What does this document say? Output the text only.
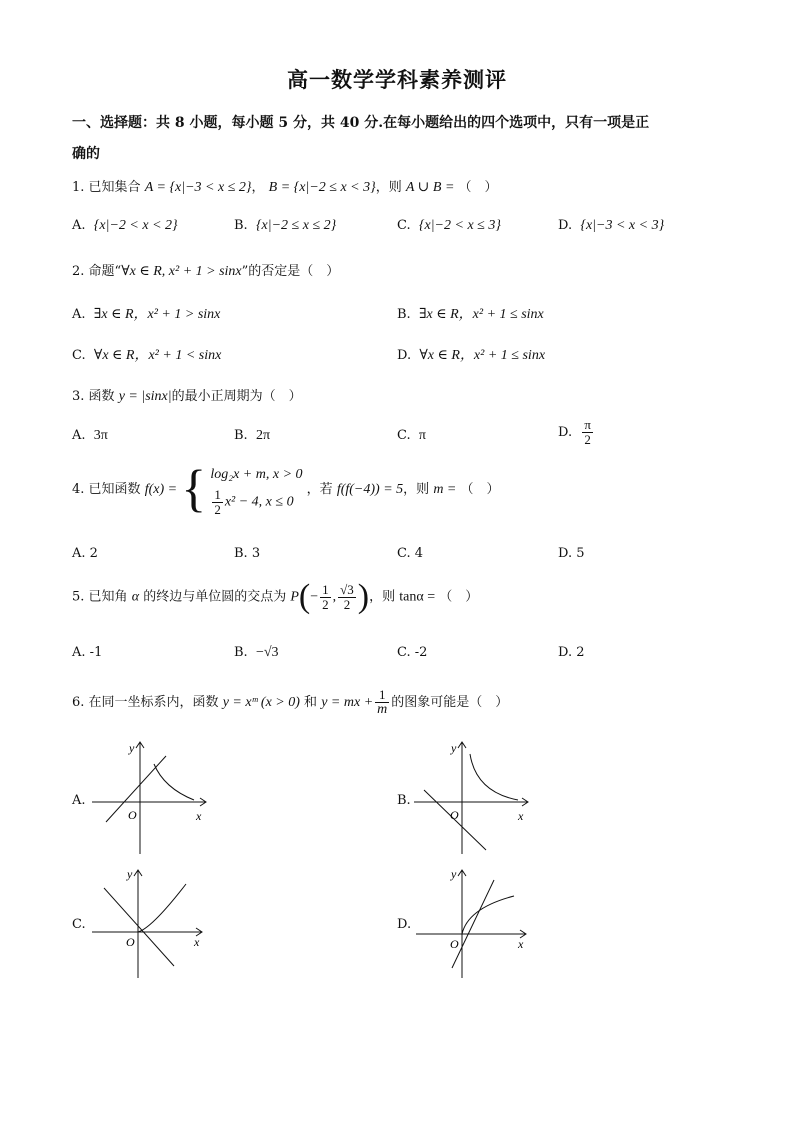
高一数学学科素养测评
一、选择题：共 8 小题，每小题 5 分，共 40 分.在每小题给出的四个选项中，只有一项是正
确的
1. 已知集合 A = {x|−3 < x ≤ 2}， B = {x|−2 ≤ x < 3}，则 A ∪ B = （　）
A. {x|−2 < x < 2}	B. {x|−2 ≤ x ≤ 2}	C. {x|−2 < x ≤ 3}	D. {x|−3 < x < 3}
2. 命题“∀x ∈ R, x² + 1 > sinx”的否定是（　）
A. ∃x ∈ R，x² + 1 > sinx	B. ∃x ∈ R，x² + 1 ≤ sinx
C. ∀x ∈ R，x² + 1 < sinx	D. ∀x ∈ R，x² + 1 ≤ sinx
3. 函数 y = |sinx|的最小正周期为（　）
A. 3π	B. 2π	C. π	D. $\frac{\pi}{2}$
4. 已知函数 f(x) = { log₂x + m, x > 0
$\frac{1}{2} x^2 - 4$, x ≤ 0
，若 f(f(−4)) = 5，则 m = （　）
A. 2	B. 3	C. 4	D. 5
5. 已知角 α 的终边与单位圆的交点为 $P(- \frac{1}{2}$ , $\frac{√3}{2}$ )，则 tanα = （　）
A. -1	B. −√3	C. -2	D. 2
6. 在同一坐标系内，函数 y = xᵐ (x > 0) 和 y = mx + $\frac{1}{m}$ 的图象可能是（　）
A.	B.
C.	D.
y
O	x
y
O	x
y
O	x
y
O	x
